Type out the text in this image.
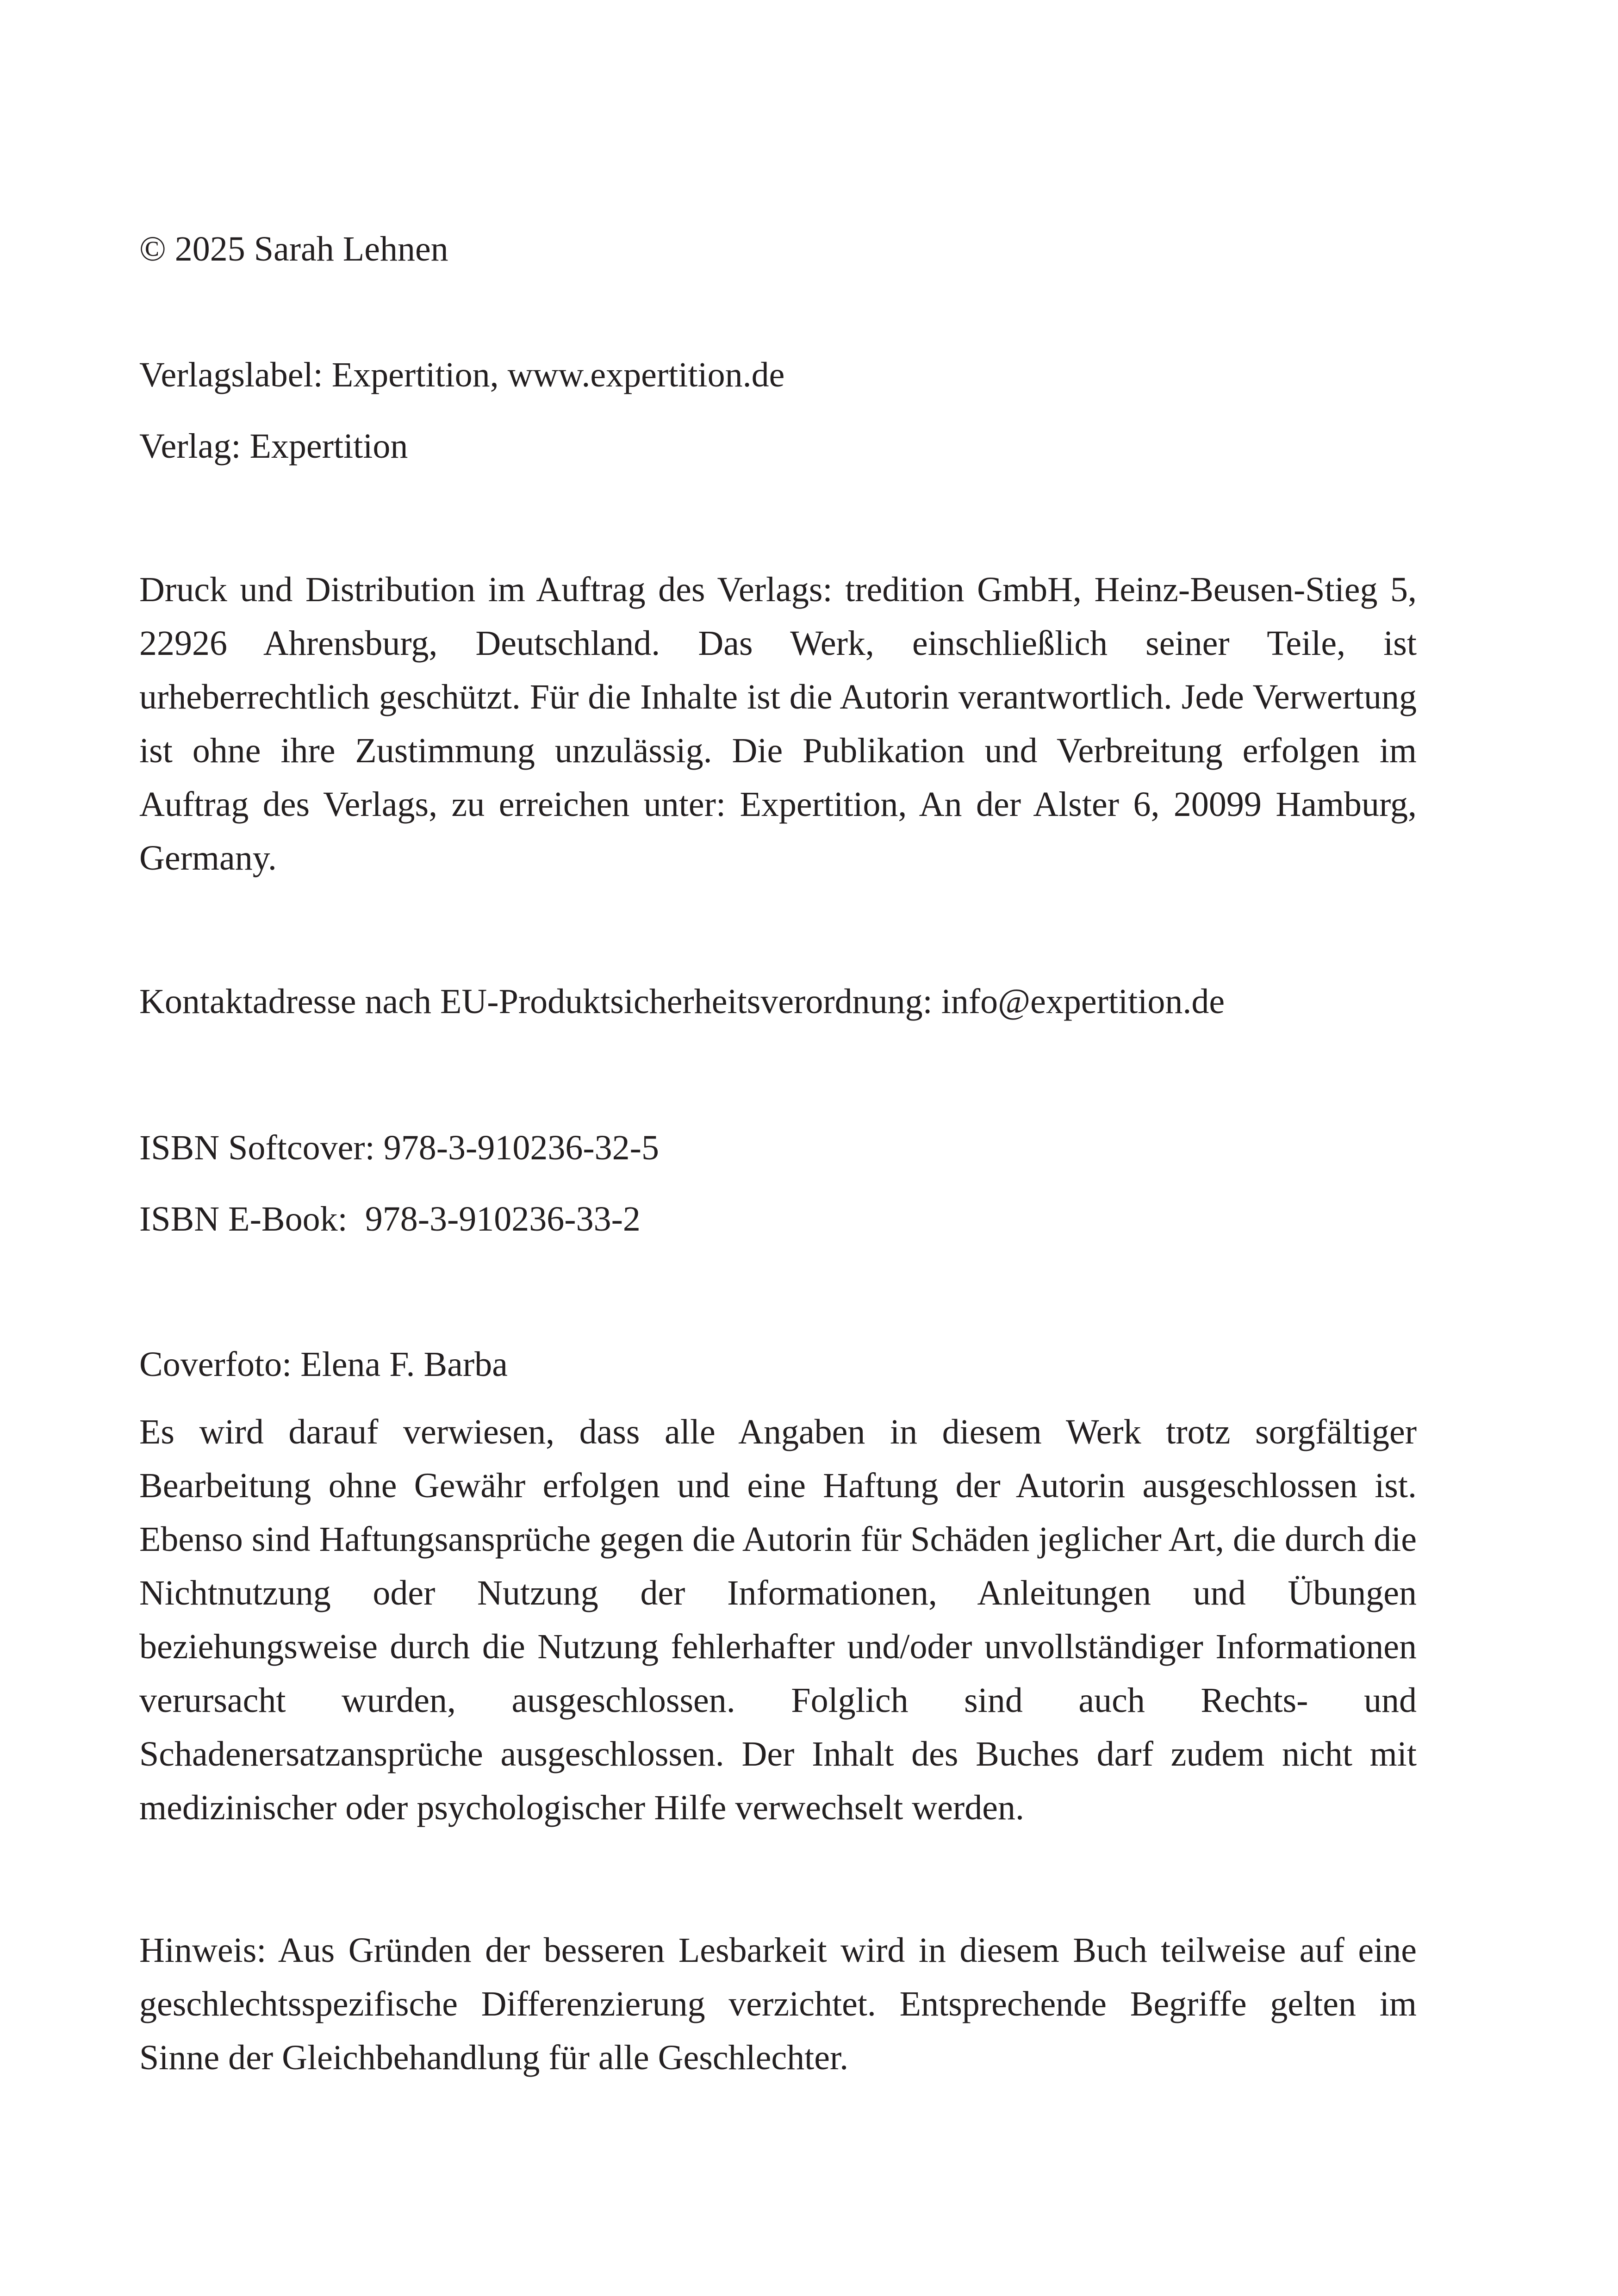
© 2025 Sarah Lehnen
Verlagslabel: Expertition, www.expertition.de
Verlag: Expertition
Druck und Distribution im Auftrag des Verlags: tredition GmbH, Heinz-Beusen-Stieg 5, 22926 Ahrensburg, Deutschland. Das Werk, einschließlich seiner Teile, ist urheberrechtlich geschützt. Für die Inhalte ist die Autorin verantwortlich. Jede Verwertung ist ohne ihre Zustimmung unzulässig. Die Publikation und Verbreitung erfolgen im Auftrag des Verlags, zu erreichen unter: Expertition, An der Alster 6, 20099 Hamburg, Germany.
Kontaktadresse nach EU-Produktsicherheitsverordnung: info@expertition.de
ISBN Softcover: 978-3-910236-32-5
ISBN E-Book:  978-3-910236-33-2
Coverfoto: Elena F. Barba
Es wird darauf verwiesen, dass alle Angaben in diesem Werk trotz sorgfältiger Bearbeitung ohne Gewähr erfolgen und eine Haftung der Autorin ausgeschlossen ist. Ebenso sind Haftungsansprüche gegen die Autorin für Schäden jeglicher Art, die durch die Nichtnutzung oder Nutzung der Informationen, Anleitungen und Übungen beziehungsweise durch die Nutzung fehlerhafter und/oder unvollständiger Informationen verursacht wurden, ausgeschlossen. Folglich sind auch Rechts- und Schadenersatzansprüche ausgeschlossen. Der Inhalt des Buches darf zudem nicht mit medizinischer oder psychologischer Hilfe verwechselt werden.
Hinweis: Aus Gründen der besseren Lesbarkeit wird in diesem Buch teilweise auf eine geschlechtsspezifische Differenzierung verzichtet. Entsprechende Begriffe gelten im Sinne der Gleichbehandlung für alle Geschlechter.
